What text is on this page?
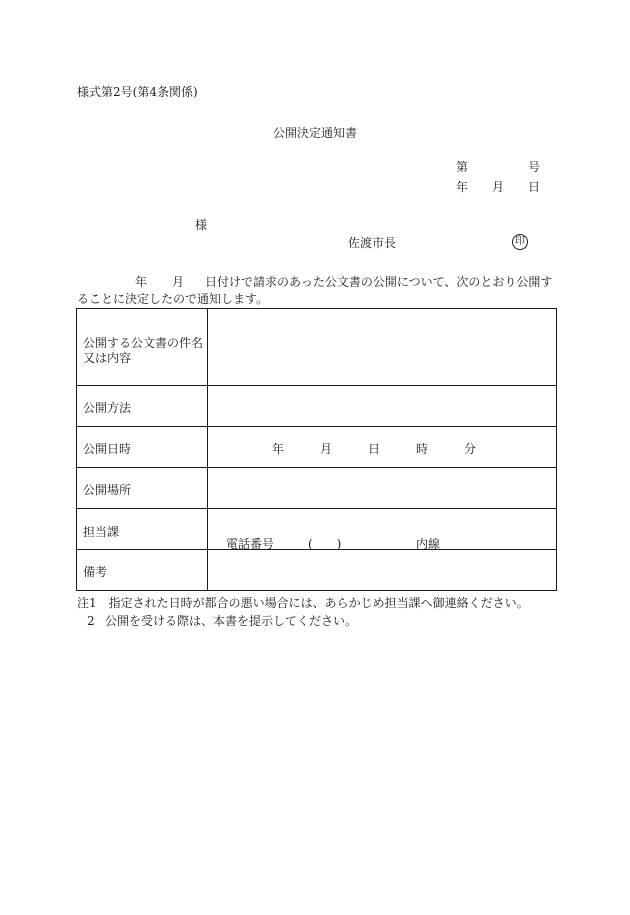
様式第2号(第4条関係)
公開決定通知書
第	号
年 月 日
様
佐渡市長	印
年 月 日付けで請求のあった公文書の公開について、次のとおり公開す
ることに決定したので通知します。
公開する公文書の件名
又は内容	

公開方法	

公開日時	年 月 日 時 分

公開場所	

担当課	電話番号 (　　) 内線

備考	

注1　指定された日時が都合の悪い場合には、あらかじめ担当課へ御連絡ください。
2 公開を受ける際は、本書を提示してください。
